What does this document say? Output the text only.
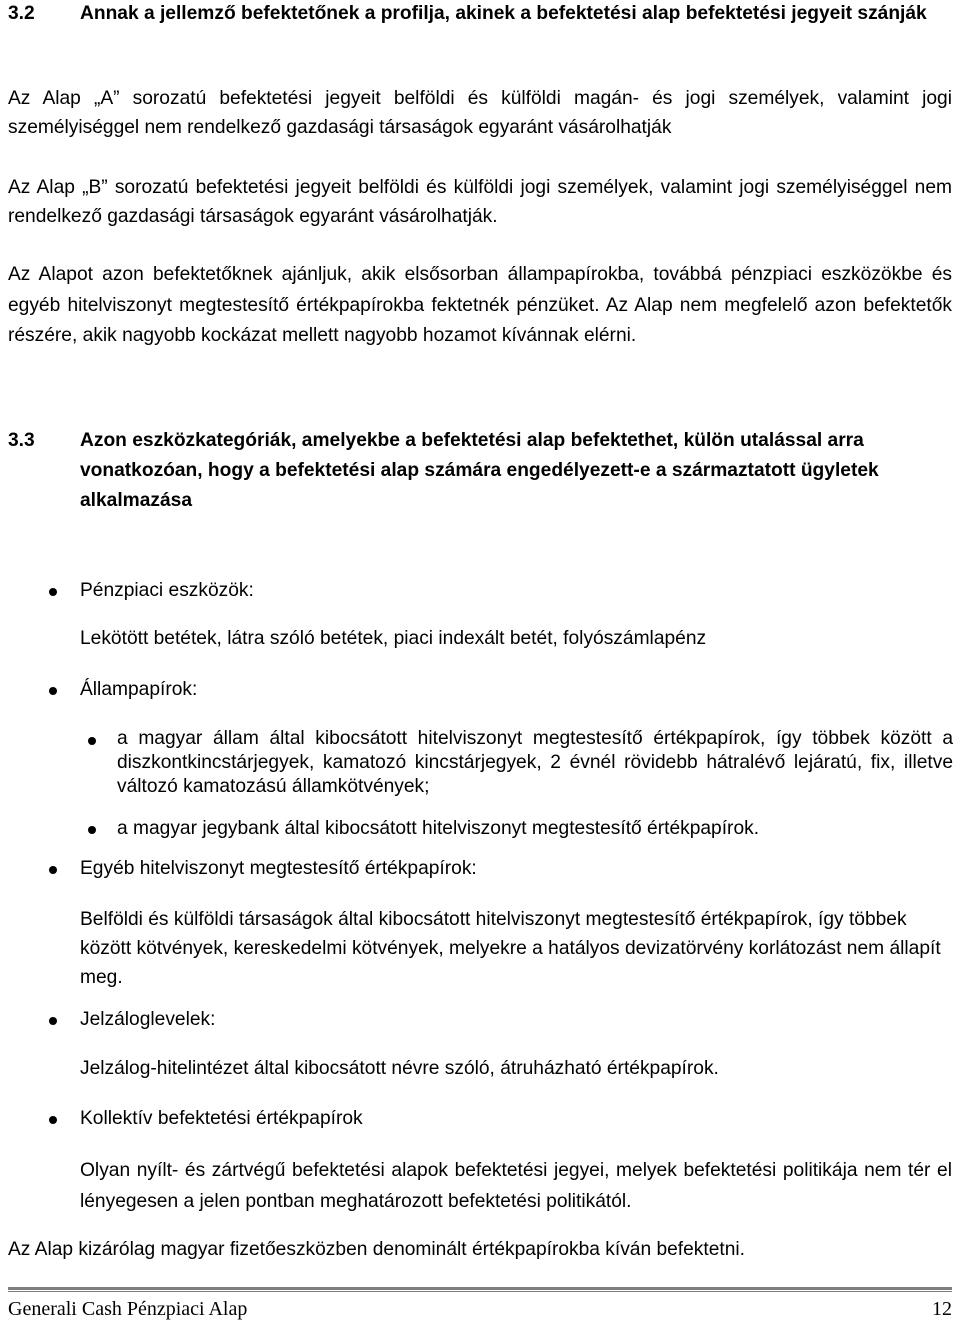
3.2 Annak a jellemző befektetőnek a profilja, akinek a befektetési alap befektetési jegyeit szánják
Az Alap „A” sorozatú befektetési jegyeit belföldi és külföldi magán- és jogi személyek, valamint jogi személyiséggel nem rendelkező gazdasági társaságok egyaránt vásárolhatják
Az Alap „B” sorozatú befektetési jegyeit belföldi és külföldi jogi személyek, valamint jogi személyiséggel nem rendelkező gazdasági társaságok egyaránt vásárolhatják.
Az Alapot azon befektetőknek ajánljuk, akik elsősorban állampapírokba, továbbá pénzpiaci eszközökbe és egyéb hitelviszonyt megtestesítő értékpapírokba fektetnék pénzüket. Az Alap nem megfelelő azon befektetők részére, akik nagyobb kockázat mellett nagyobb hozamot kívánnak elérni.
3.3 Azon eszközkategóriák, amelyekbe a befektetési alap befektethet, külön utalással arra vonatkozóan, hogy a befektetési alap számára engedélyezett-e a származtatott ügyletek alkalmazása
Pénzpiaci eszközök:
Lekötött betétek, látra szóló betétek, piaci indexált betét, folyószámlapénz
Állampapírok:
a magyar állam által kibocsátott hitelviszonyt megtestesítő értékpapírok, így többek között a diszkontkincstárjegyek, kamatozó kincstárjegyek, 2 évnél rövidebb hátralévő lejáratú, fix, illetve változó kamatozású államkötvények;
a magyar jegybank által kibocsátott hitelviszonyt megtestesítő értékpapírok.
Egyéb hitelviszonyt megtestesítő értékpapírok:
Belföldi és külföldi társaságok által kibocsátott hitelviszonyt megtestesítő értékpapírok, így többek között kötvények, kereskedelmi kötvények, melyekre a hatályos devizatörvény korlátozást nem állapít meg.
Jelzáloglevelek:
Jelzálog-hitelintézet által kibocsátott névre szóló, átruházható értékpapírok.
Kollektív befektetési értékpapírok
Olyan nyílt- és zártvégű befektetési alapok befektetési jegyei, melyek befektetési politikája nem tér el lényegesen a jelen pontban meghatározott befektetési politikától.
Az Alap kizárólag magyar fizetőeszközben denominált értékpapírokba kíván befektetni.
Generali Cash Pénzpiaci Alap	12
